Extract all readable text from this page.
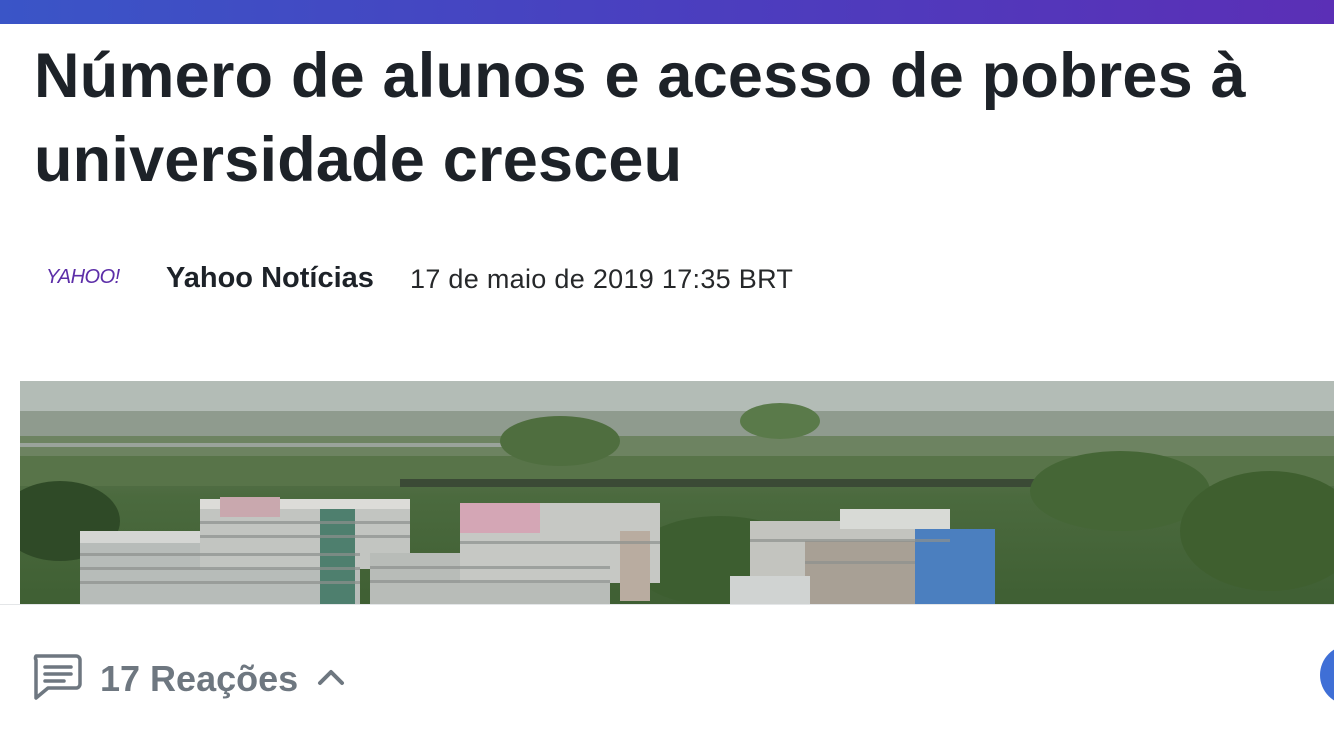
Número de alunos e acesso de pobres à universidade cresceu
YAHOO! Yahoo Notícias 17 de maio de 2019 17:35 BRT
17 Reações
